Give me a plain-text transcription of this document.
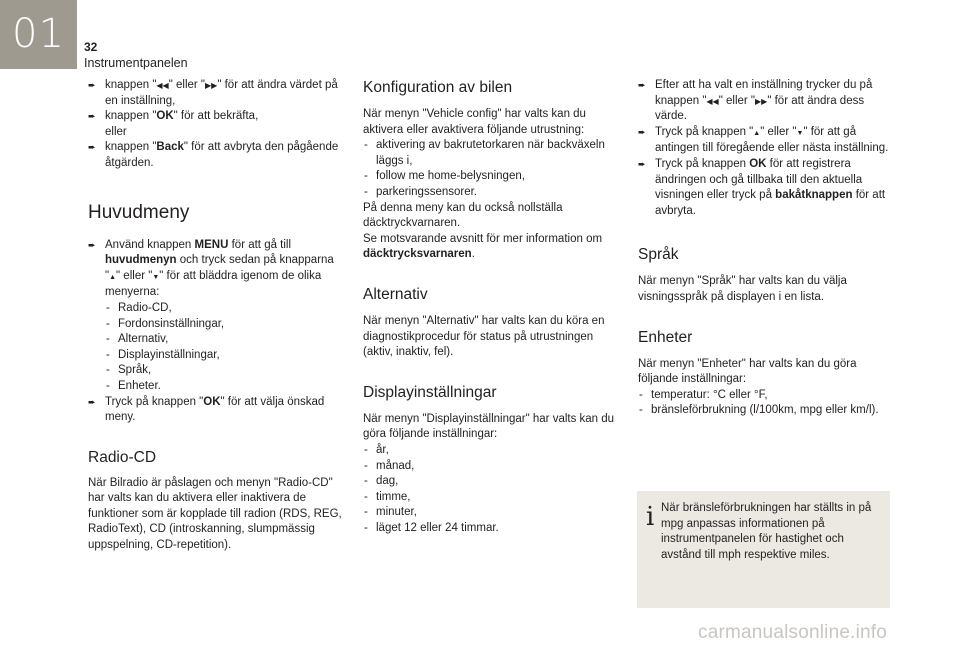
01	32
Instrumentpanelen

➨ knappen "◀◀" eller "▶▶" för att ändra värdet på en inställning,

➨ knappen "OK" för att bekräfta,
eller

➨ knappen "Back" för att avbryta den pågående åtgärden.

Huvudmeny

➨ Använd knappen MENU för att gå till huvudmenyn och tryck sedan på knapparna "▲" eller "▼" för att bläddra igenom de olika menyerna:

- Radio-CD,

- Fordonsinställningar,

- Alternativ,

- Displayinställningar,

- Språk,

- Enheter.

➨ Tryck på knappen "OK" för att välja önskad meny.

Radio-CD

När Bilradio är påslagen och menyn "Radio-CD" har valts kan du aktivera eller inaktivera de funktioner som är kopplade till radion (RDS, REG, RadioText), CD (introskanning, slumpmässig uppspelning, CD-repetition).

Konfiguration av bilen

När menyn "Vehicle config" har valts kan du aktivera eller avaktivera följande utrustning:

- aktivering av bakrutetorkaren när backväxeln läggs i,

- follow me home-belysningen,

- parkeringssensorer.

På denna meny kan du också nollställa däcktryckvarnaren.

Se motsvarande avsnitt för mer information om däcktrycksvarnaren.

Alternativ

När menyn "Alternativ" har valts kan du köra en diagnostikprocedur för status på utrustningen (aktiv, inaktiv, fel).

Displayinställningar

När menyn "Displayinställningar" har valts kan du göra följande inställningar:

- år,

- månad,

- dag,

- timme,

- minuter,

- läget 12 eller 24 timmar.

➨ Efter att ha valt en inställning trycker du på knappen "◀◀" eller "▶▶" för att ändra dess värde.

➨ Tryck på knappen "▲" eller "▼" för att gå antingen till föregående eller nästa inställning.

➨ Tryck på knappen OK för att registrera ändringen och gå tillbaka till den aktuella visningen eller tryck på bakåtknappen för att avbryta.

Språk

När menyn "Språk" har valts kan du välja visningsspråk på displayen i en lista.

Enheter

När menyn "Enheter" har valts kan du göra följande inställningar:

- temperatur: °C eller °F,

- bränsleförbrukning (l/100km, mpg eller km/l).

i När bränsleförbrukningen har ställts in på mpg anpassas informationen på instrumentpanelen för hastighet och avstånd till mph respektive miles.
carmanualsonline.info
